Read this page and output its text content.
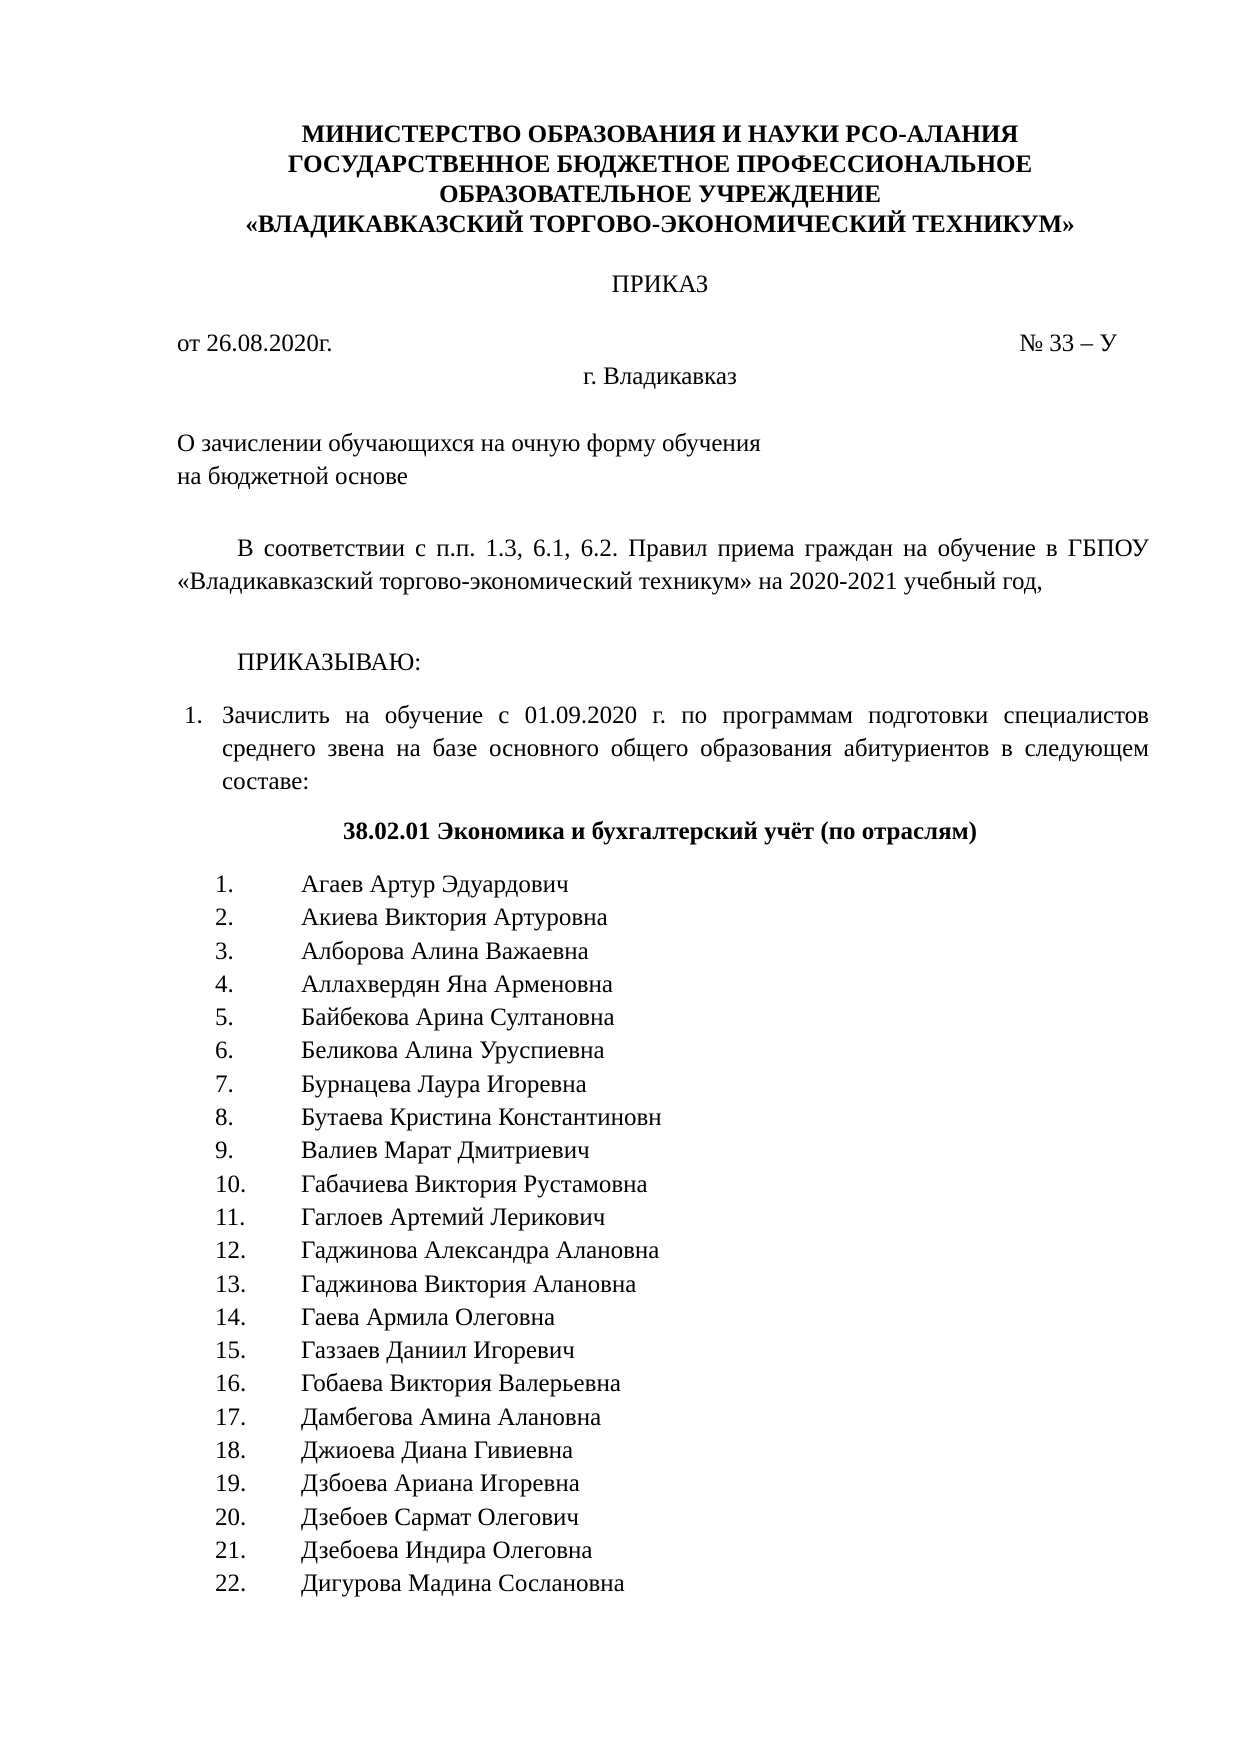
МИНИСТЕРСТВО ОБРАЗОВАНИЯ И НАУКИ РСО-АЛАНИЯ
ГОСУДАРСТВЕННОЕ БЮДЖЕТНОЕ ПРОФЕССИОНАЛЬНОЕ
ОБРАЗОВАТЕЛЬНОЕ УЧРЕЖДЕНИЕ
«ВЛАДИКАВКАЗСКИЙ ТОРГОВО-ЭКОНОМИЧЕСКИЙ ТЕХНИКУМ»
ПРИКАЗ
от 26.08.2020г.	№ 33 – У
г. Владикавказ
О зачислении обучающихся на очную форму обучения
на бюджетной основе
В соответствии с п.п. 1.3, 6.1, 6.2. Правил приема граждан на обучение в ГБПОУ «Владикавказский торгово-экономический техникум» на 2020-2021 учебный год,
ПРИКАЗЫВАЮ:
1. Зачислить на обучение с 01.09.2020 г. по программам подготовки специалистов среднего звена на базе основного общего образования абитуриентов в следующем составе:
38.02.01 Экономика и бухгалтерский учёт (по отраслям)
1.	Агаев Артур Эдуардович
2.	Акиева Виктория Артуровна
3.	Алборова Алина Важаевна
4.	Аллахвердян Яна Арменовна
5.	Байбекова Арина Султановна
6.	Беликова Алина Уруспиевна
7.	Бурнацева Лаура Игоревна
8.	Бутаева Кристина Константиновн
9.	Валиев Марат Дмитриевич
10. Габачиева Виктория Рустамовна
11. Гаглоев Артемий Лерикович
12. Гаджинова Александра Алановна
13. Гаджинова Виктория Алановна
14. Гаева Армила Олеговна
15. Газзаев Даниил Игоревич
16. Гобаева Виктория Валерьевна
17. Дамбегова Амина Алановна
18. Джиоева Диана Гивиевна
19. Дзбоева Ариана Игоревна
20. Дзебоев Сармат Олегович
21. Дзебоева Индира Олеговна
22. Дигурова Мадина Сослановна
